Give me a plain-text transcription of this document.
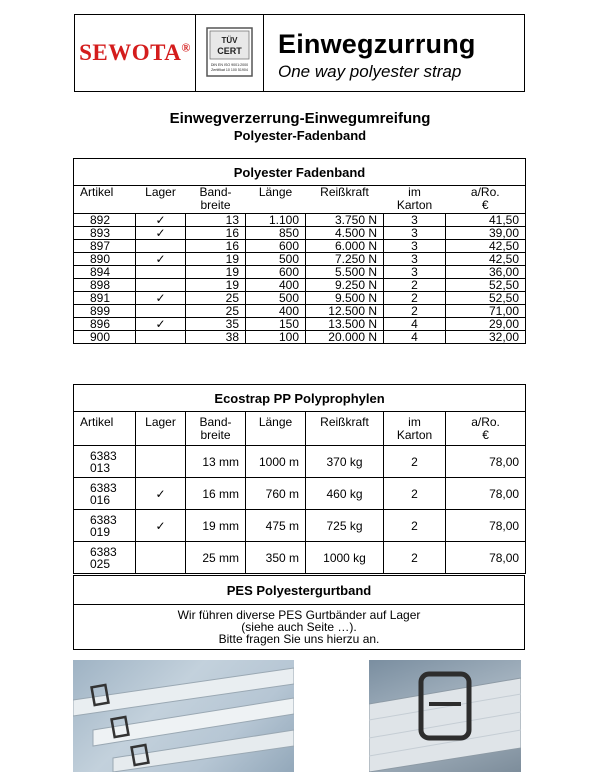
SEWOTA®	TÜV
CERT
DIN EN ISO 9001:2000
Zertifikat 10 100 51904
Einwegzurrung
One way polyester strap
Einwegverzerrung-Einwegumreifung
Polyester-Fadenband
Polyester Fadenband						
Artikel	Lager	Band-
breite	Länge	Reißkraft	im
Karton	a/Ro.
€
892	✓	13	1.100	3.750 N	3	41,50
893	✓	16	850	4.500 N	3	39,00
897		16	600	6.000 N	3	42,50
890	✓	19	500	7.250 N	3	42,50
894		19	600	5.500 N	3	36,00
898		19	400	9.250 N	2	52,50
891	✓	25	500	9.500 N	2	52,50
899		25	400	12.500 N	2	71,00
896	✓	35	150	13.500 N	4	29,00
900		38	100	20.000 N	4	32,00
Ecostrap PP Polyprophylen						
Artikel	Lager	Band-
breite	Länge	Reißkraft	im
Karton	a/Ro.
€

6383
013		13 mm	1000 m	370 kg	2	78,00

6383
016	✓	16 mm	760 m	460 kg	2	78,00

6383
019	✓	19 mm	475 m	725 kg	2	78,00

6383
025		25 mm	350 m	1000 kg	2	78,00
PES Polyestergurtband

Wir führen diverse PES Gurtbänder auf Lager
(siehe auch Seite …).
Bitte fragen Sie uns hierzu an.
